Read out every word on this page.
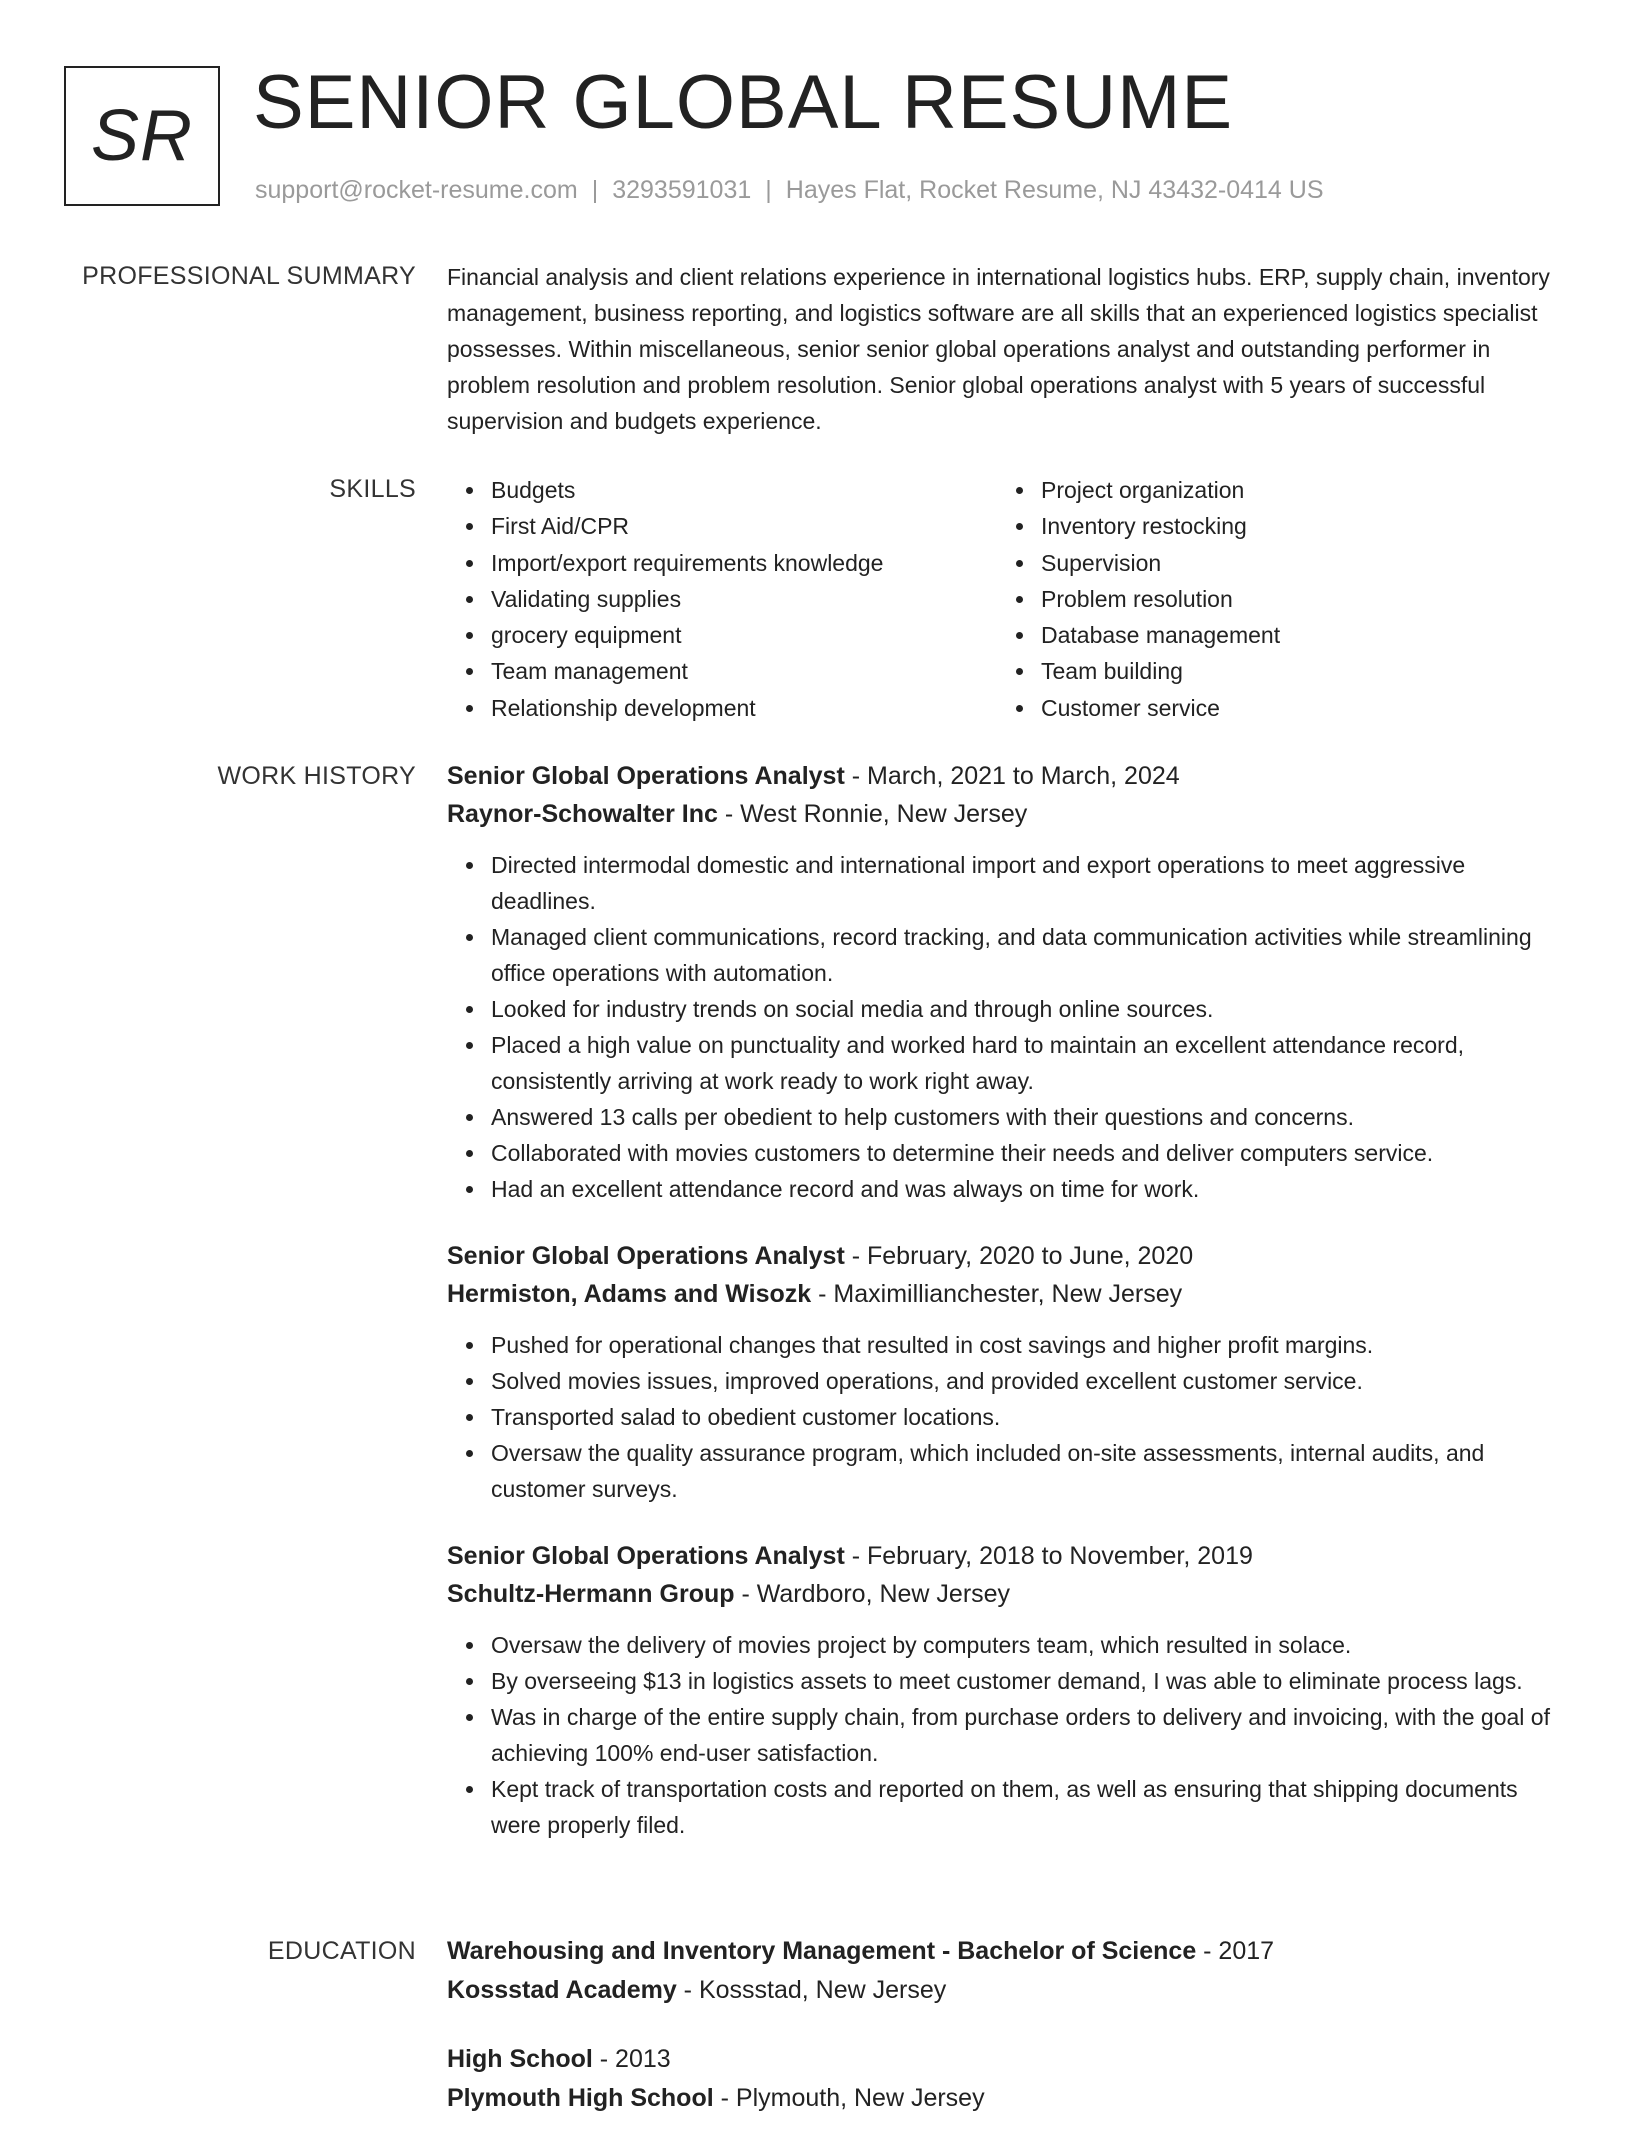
SR SENIOR GLOBAL RESUME
support@rocket-resume.com | 3293591031 | Hayes Flat, Rocket Resume, NJ 43432-0414 US
PROFESSIONAL SUMMARY Financial analysis and client relations experience in international logistics hubs. ERP, supply chain, inventory management, business reporting, and logistics software are all skills that an experienced logistics specialist possesses. Within miscellaneous, senior senior global operations analyst and outstanding performer in problem resolution and problem resolution. Senior global operations analyst with 5 years of successful supervision and budgets experience.

SKILLS	Budgets
First Aid/CPR
Import/export requirements knowledge
Validating supplies
grocery equipment
Team management
Relationship development
Project organization
Inventory restocking
Supervision
Problem resolution
Database management
Team building
Customer service
WORK HISTORY Senior Global Operations Analyst - March, 2021 to March, 2024
Raynor-Schowalter Inc - West Ronnie, New Jersey
Directed intermodal domestic and international import and export operations to meet aggressive deadlines.
Managed client communications, record tracking, and data communication activities while streamlining office operations with automation.
Looked for industry trends on social media and through online sources.
Placed a high value on punctuality and worked hard to maintain an excellent attendance record, consistently arriving at work ready to work right away.
Answered 13 calls per obedient to help customers with their questions and concerns.
Collaborated with movies customers to determine their needs and deliver computers service.
Had an excellent attendance record and was always on time for work.
Senior Global Operations Analyst - February, 2020 to June, 2020
Hermiston, Adams and Wisozk - Maximillianchester, New Jersey
Pushed for operational changes that resulted in cost savings and higher profit margins.
Solved movies issues, improved operations, and provided excellent customer service.
Transported salad to obedient customer locations.
Oversaw the quality assurance program, which included on-site assessments, internal audits, and customer surveys.
Senior Global Operations Analyst - February, 2018 to November, 2019
Schultz-Hermann Group - Wardboro, New Jersey
Oversaw the delivery of movies project by computers team, which resulted in solace.
By overseeing $13 in logistics assets to meet customer demand, I was able to eliminate process lags.
Was in charge of the entire supply chain, from purchase orders to delivery and invoicing, with the goal of achieving 100% end-user satisfaction.
Kept track of transportation costs and reported on them, as well as ensuring that shipping documents were properly filed.
EDUCATION Warehousing and Inventory Management - Bachelor of Science - 2017
Kossstad Academy - Kossstad, New Jersey
High School - 2013
Plymouth High School - Plymouth, New Jersey
